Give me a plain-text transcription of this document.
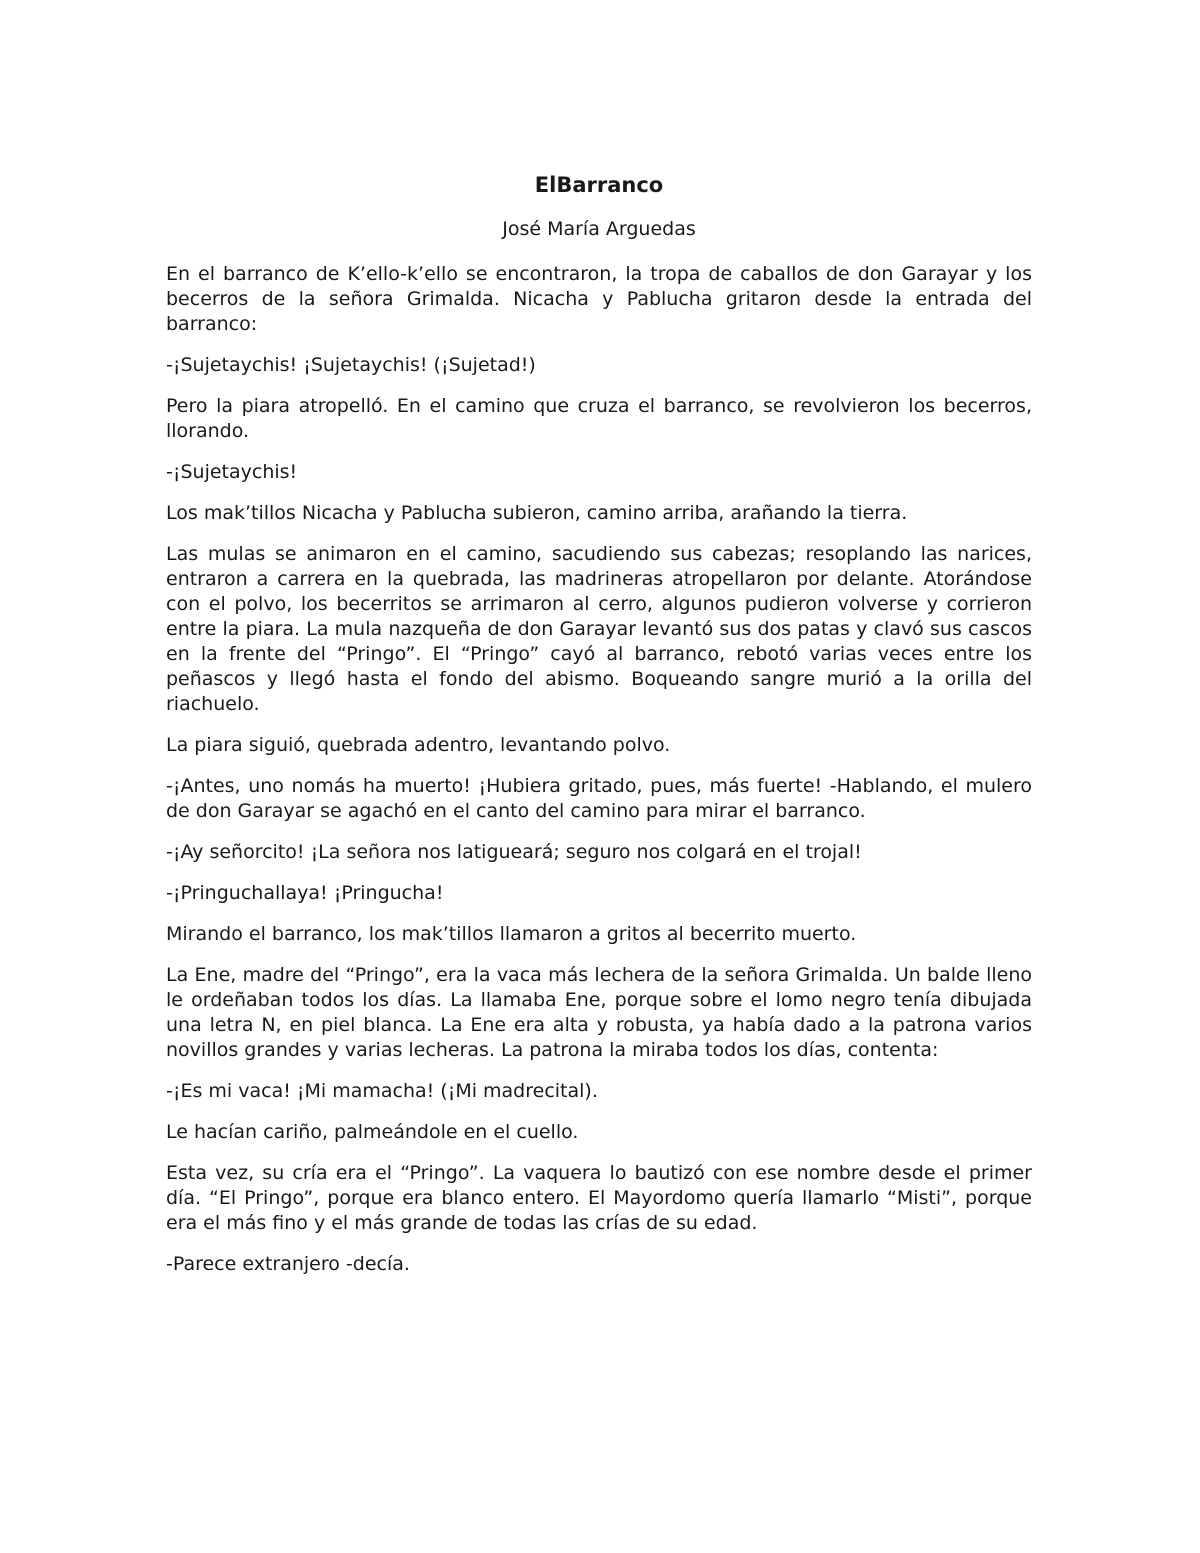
ElBarranco

José María Arguedas

En el barranco de K’ello-k’ello se encontraron, la tropa de caballos de don Garayar y los becerros de la señora Grimalda. Nicacha y Pablucha gritaron desde la entrada del barranco:

-¡Sujetaychis! ¡Sujetaychis! (¡Sujetad!)

Pero la piara atropelló. En el camino que cruza el barranco, se revolvieron los becerros, llorando.

-¡Sujetaychis!

Los mak’tillos Nicacha y Pablucha subieron, camino arriba, arañando la tierra.

Las mulas se animaron en el camino, sacudiendo sus cabezas; resoplando las narices, entraron a carrera en la quebrada, las madrineras atropellaron por delante. Atorándose con el polvo, los becerritos se arrimaron al cerro, algunos pudieron volverse y corrieron entre la piara. La mula nazqueña de don Garayar levantó sus dos patas y clavó sus cascos en la frente del “Pringo”. El “Pringo” cayó al barranco, rebotó varias veces entre los peñascos y llegó hasta el fondo del abismo. Boqueando sangre murió a la orilla del riachuelo.

La piara siguió, quebrada adentro, levantando polvo.

-¡Antes, uno nomás ha muerto! ¡Hubiera gritado, pues, más fuerte! -Hablando, el mulero de don Garayar se agachó en el canto del camino para mirar el barranco.

-¡Ay señorcito! ¡La señora nos latigueará; seguro nos colgará en el trojal!

-¡Pringuchallaya! ¡Pringucha!

Mirando el barranco, los mak’tillos llamaron a gritos al becerrito muerto.

La Ene, madre del “Pringo”, era la vaca más lechera de la señora Grimalda. Un balde lleno le ordeñaban todos los días. La llamaba Ene, porque sobre el lomo negro tenía dibujada una letra N, en piel blanca. La Ene era alta y robusta, ya había dado a la patrona varios novillos grandes y varias lecheras. La patrona la miraba todos los días, contenta:

-¡Es mi vaca! ¡Mi mamacha! (¡Mi madrecital).

Le hacían cariño, palmeándole en el cuello.

Esta vez, su cría era el “Pringo”. La vaquera lo bautizó con ese nombre desde el primer día. “El Pringo”, porque era blanco entero. El Mayordomo quería llamarlo “Misti”, porque era el más fino y el más grande de todas las crías de su edad.

-Parece extranjero -decía.
